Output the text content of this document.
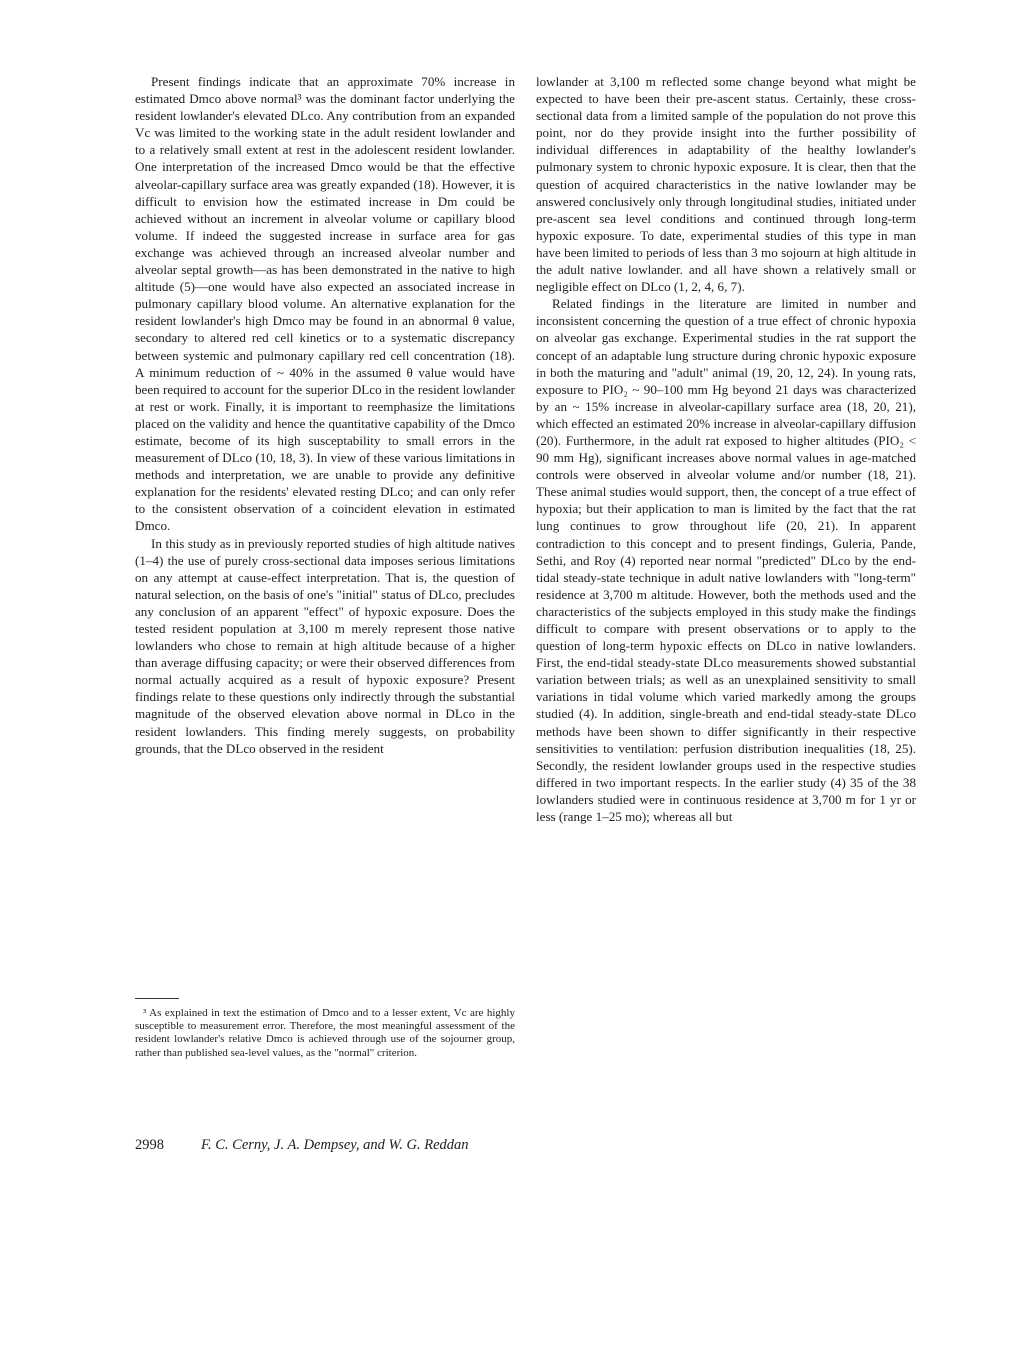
Present findings indicate that an approximate 70% increase in estimated Dmco above normal³ was the dominant factor underlying the resident lowlander's elevated DLco. Any contribution from an expanded Vc was limited to the working state in the adult resident lowlander and to a relatively small extent at rest in the adolescent resident lowlander. One interpretation of the increased Dmco would be that the effective alveolar-capillary surface area was greatly expanded (18). However, it is difficult to envision how the estimated increase in Dm could be achieved without an increment in alveolar volume or capillary blood volume. If indeed the suggested increase in surface area for gas exchange was achieved through an increased alveolar number and alveolar septal growth—as has been demonstrated in the native to high altitude (5)—one would have also expected an associated increase in pulmonary capillary blood volume. An alternative explanation for the resident lowlander's high Dmco may be found in an abnormal θ value, secondary to altered red cell kinetics or to a systematic discrepancy between systemic and pulmonary capillary red cell concentration (18). A minimum reduction of ~ 40% in the assumed θ value would have been required to account for the superior DLco in the resident lowlander at rest or work. Finally, it is important to reemphasize the limitations placed on the validity and hence the quantitative capability of the Dmco estimate, become of its high susceptability to small errors in the measurement of DLco (10, 18, 3). In view of these various limitations in methods and interpretation, we are unable to provide any definitive explanation for the residents' elevated resting DLco; and can only refer to the consistent observation of a coincident elevation in estimated Dmco.

In this study as in previously reported studies of high altitude natives (1–4) the use of purely cross-sectional data imposes serious limitations on any attempt at cause-effect interpretation. That is, the question of natural selection, on the basis of one's "initial" status of DLco, precludes any conclusion of an apparent "effect" of hypoxic exposure. Does the tested resident population at 3,100 m merely represent those native lowlanders who chose to remain at high altitude because of a higher than average diffusing capacity; or were their observed differences from normal actually acquired as a result of hypoxic exposure? Present findings relate to these questions only indirectly through the substantial magnitude of the observed elevation above normal in DLco in the resident lowlanders. This finding merely suggests, on probability grounds, that the DLco observed in the resident

lowlander at 3,100 m reflected some change beyond what might be expected to have been their pre-ascent status. Certainly, these cross-sectional data from a limited sample of the population do not prove this point, nor do they provide insight into the further possibility of individual differences in adaptability of the healthy lowlander's pulmonary system to chronic hypoxic exposure. It is clear, then that the question of acquired characteristics in the native lowlander may be answered conclusively only through longitudinal studies, initiated under pre-ascent sea level conditions and continued through long-term hypoxic exposure. To date, experimental studies of this type in man have been limited to periods of less than 3 mo sojourn at high altitude in the adult native lowlander. and all have shown a relatively small or negligible effect on DLco (1, 2, 4, 6, 7).

Related findings in the literature are limited in number and inconsistent concerning the question of a true effect of chronic hypoxia on alveolar gas exchange. Experimental studies in the rat support the concept of an adaptable lung structure during chronic hypoxic exposure in both the maturing and "adult" animal (19, 20, 12, 24). In young rats, exposure to PIO₂ ~ 90–100 mm Hg beyond 21 days was characterized by an ~ 15% increase in alveolar-capillary surface area (18, 20, 21), which effected an estimated 20% increase in alveolar-capillary diffusion (20). Furthermore, in the adult rat exposed to higher altitudes (PIO₂ < 90 mm Hg), significant increases above normal values in age-matched controls were observed in alveolar volume and/or number (18, 21). These animal studies would support, then, the concept of a true effect of hypoxia; but their application to man is limited by the fact that the rat lung continues to grow throughout life (20, 21). In apparent contradiction to this concept and to present findings, Guleria, Pande, Sethi, and Roy (4) reported near normal "predicted" DLco by the end-tidal steady-state technique in adult native lowlanders with "long-term" residence at 3,700 m altitude. However, both the methods used and the characteristics of the subjects employed in this study make the findings difficult to compare with present observations or to apply to the question of long-term hypoxic effects on DLco in native lowlanders. First, the end-tidal steady-state DLco measurements showed substantial variation between trials; as well as an unexplained sensitivity to small variations in tidal volume which varied markedly among the groups studied (4). In addition, single-breath and end-tidal steady-state DLco methods have been shown to differ significantly in their respective sensitivities to ventilation: perfusion distribution inequalities (18, 25). Secondly, the resident lowlander groups used in the respective studies differed in two important respects. In the earlier study (4) 35 of the 38 lowlanders studied were in continuous residence at 3,700 m for 1 yr or less (range 1–25 mo); whereas all but

³ As explained in text the estimation of Dmco and to a lesser extent, Vc are highly susceptible to measurement error. Therefore, the most meaningful assessment of the resident lowlander's relative Dmco is achieved through use of the sojourner group, rather than published sea-level values, as the "normal" criterion.

2998	F. C. Cerny, J. A. Dempsey, and W. G. Reddan
